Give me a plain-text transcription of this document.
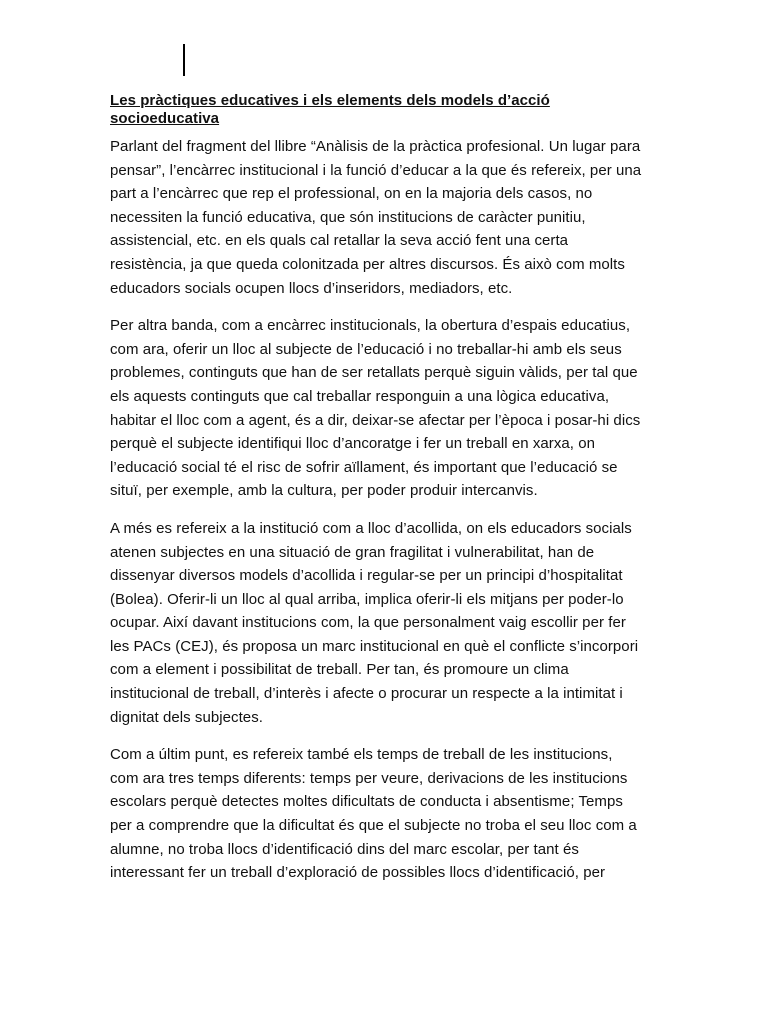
Les pràctiques educatives i els elements dels models d’acció
socioeducativa

Parlant del fragment del llibre “Anàlisis de la pràctica profesional. Un lugar para
pensar”, l’encàrrec institucional i la funció d’educar a la que és refereix, per una
part a l’encàrrec que rep el professional, on en la majoria dels casos, no
necessiten la funció educativa, que són institucions de caràcter punitiu,
assistencial, etc. en els quals cal retallar la seva acció fent una certa
resistència, ja que queda colonitzada per altres discursos. És això com molts
educadors socials ocupen llocs d’inseridors, mediadors, etc.

Per altra banda, com a encàrrec institucionals, la obertura d’espais educatius,
com ara, oferir un lloc al subjecte de l’educació i no treballar-hi amb els seus
problemes, continguts que han de ser retallats perquè siguin vàlids, per tal que
els aquests continguts que cal treballar responguin a una lògica educativa,
habitar el lloc com a agent, és a dir, deixar-se afectar per l’època i posar-hi dics
perquè el subjecte identifiqui lloc d’ancoratge i fer un treball en xarxa, on
l’educació social té el risc de sofrir aïllament, és important que l’educació se
situï, per exemple, amb la cultura, per poder produir intercanvis.

A més es refereix a la institució com a lloc d’acollida, on els educadors socials
atenen subjectes en una situació de gran fragilitat i vulnerabilitat, han de
dissenyar diversos models d’acollida i regular-se per un principi d’hospitalitat
(Bolea). Oferir-li un lloc al qual arriba, implica oferir-li els mitjans per poder-lo
ocupar. Així davant institucions com, la que personalment vaig escollir per fer
les PACs (CEJ), és proposa un marc institucional en què el conflicte s’incorpori
com a element i possibilitat de treball. Per tan, és promoure un clima
institucional de treball, d’interès i afecte o procurar un respecte a la intimitat i
dignitat dels subjectes.

Com a últim punt, es refereix també els temps de treball de les institucions,
com ara tres temps diferents: temps per veure, derivacions de les institucions
escolars perquè detectes moltes dificultats de conducta i absentisme; Temps
per a comprendre que la dificultat és que el subjecte no troba el seu lloc com a
alumne, no troba llocs d’identificació dins del marc escolar, per tant és
interessant fer un treball d’exploració de possibles llocs d’identificació, per
